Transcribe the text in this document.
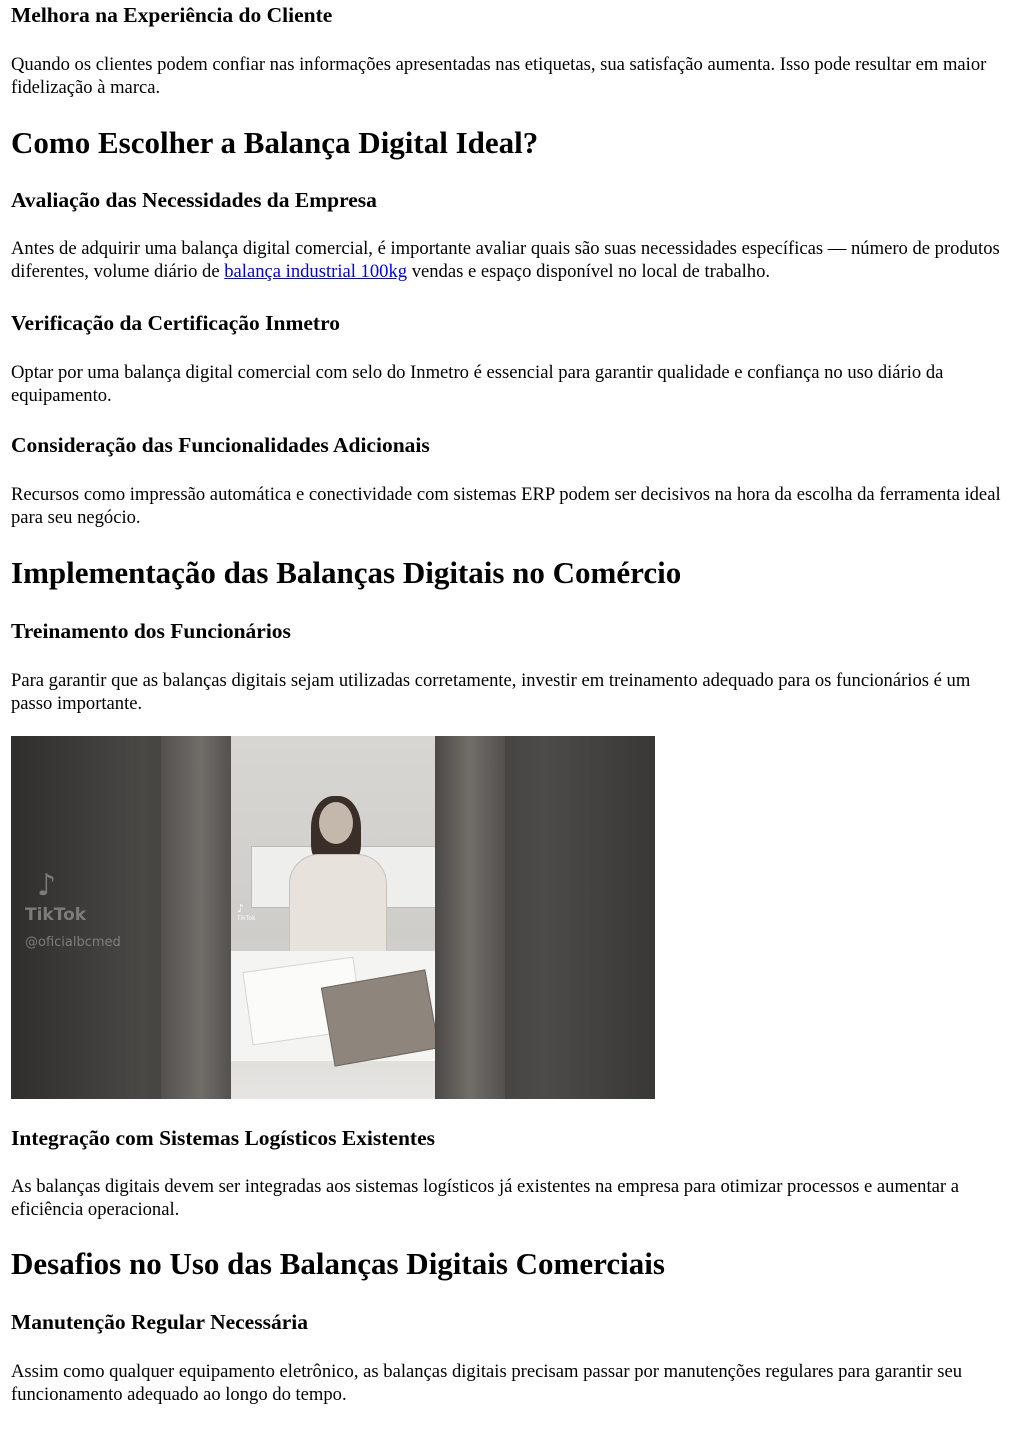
Melhora na Experiência do Cliente

Quando os clientes podem confiar nas informações apresentadas nas etiquetas, sua satisfação aumenta. Isso pode resultar em maior fidelização à marca.

Como Escolher a Balança Digital Ideal?
Avaliação das Necessidades da Empresa

Antes de adquirir uma balança digital comercial, é importante avaliar quais são suas necessidades específicas — número de produtos diferentes, volume diário de balança industrial 100kg vendas e espaço disponível no local de trabalho.

Verificação da Certificação Inmetro

Optar por uma balança digital comercial com selo do Inmetro é essencial para garantir qualidade e confiança no uso diário da equipamento.

Consideração das Funcionalidades Adicionais

Recursos como impressão automática e conectividade com sistemas ERP podem ser decisivos na hora da escolha da ferramenta ideal para seu negócio.

Implementação das Balanças Digitais no Comércio
Treinamento dos Funcionários

Para garantir que as balanças digitais sejam utilizadas corretamente, investir em treinamento adequado para os funcionários é um passo importante.

♪
TikTok
@oficialbcmed
♪
TikTok
Integração com Sistemas Logísticos Existentes

As balanças digitais devem ser integradas aos sistemas logísticos já existentes na empresa para otimizar processos e aumentar a eficiência operacional.

Desafios no Uso das Balanças Digitais Comerciais
Manutenção Regular Necessária

Assim como qualquer equipamento eletrônico, as balanças digitais precisam passar por manutenções regulares para garantir seu funcionamento adequado ao longo do tempo.
